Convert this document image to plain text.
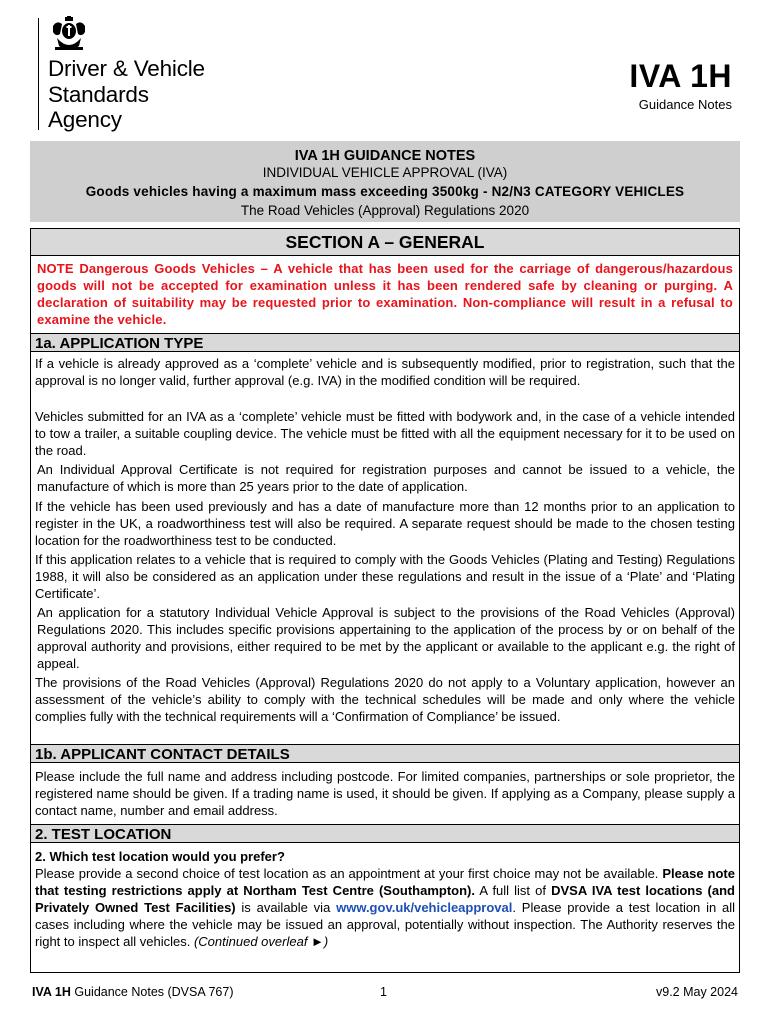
Driver & Vehicle
Standards
Agency
IVA 1H
Guidance Notes
IVA 1H GUIDANCE NOTES
INDIVIDUAL VEHICLE APPROVAL (IVA)
Goods vehicles having a maximum mass exceeding 3500kg - N2/N3 CATEGORY VEHICLES
The Road Vehicles (Approval) Regulations 2020
SECTION A – GENERAL
NOTE Dangerous Goods Vehicles – A vehicle that has been used for the carriage of dangerous/hazardous goods will not be accepted for examination unless it has been rendered safe by cleaning or purging. A declaration of suitability may be requested prior to examination. Non-compliance will result in a refusal to examine the vehicle.
1a. APPLICATION TYPE
If a vehicle is already approved as a ‘complete’ vehicle and is subsequently modified, prior to registration, such that the approval is no longer valid, further approval (e.g. IVA) in the modified condition will be required.
Vehicles submitted for an IVA as a ‘complete’ vehicle must be fitted with bodywork and, in the case of a vehicle intended to tow a trailer, a suitable coupling device. The vehicle must be fitted with all the equipment necessary for it to be used on the road.
An Individual Approval Certificate is not required for registration purposes and cannot be issued to a vehicle, the manufacture of which is more than 25 years prior to the date of application.
If the vehicle has been used previously and has a date of manufacture more than 12 months prior to an application to register in the UK, a roadworthiness test will also be required. A separate request should be made to the chosen testing location for the roadworthiness test to be conducted.
If this application relates to a vehicle that is required to comply with the Goods Vehicles (Plating and Testing) Regulations 1988, it will also be considered as an application under these regulations and result in the issue of a ‘Plate’ and ‘Plating Certificate’.
An application for a statutory Individual Vehicle Approval is subject to the provisions of the Road Vehicles (Approval) Regulations 2020. This includes specific provisions appertaining to the application of the process by or on behalf of the approval authority and provisions, either required to be met by the applicant or available to the applicant e.g. the right of appeal.
The provisions of the Road Vehicles (Approval) Regulations 2020 do not apply to a Voluntary application, however an assessment of the vehicle’s ability to comply with the technical schedules will be made and only where the vehicle complies fully with the technical requirements will a ‘Confirmation of Compliance’ be issued.
1b. APPLICANT CONTACT DETAILS
Please include the full name and address including postcode. For limited companies, partnerships or sole proprietor, the registered name should be given. If a trading name is used, it should be given. If applying as a Company, please supply a contact name, number and email address.
2. TEST LOCATION
2. Which test location would you prefer?
Please provide a second choice of test location as an appointment at your first choice may not be available. Please note that testing restrictions apply at Northam Test Centre (Southampton). A full list of DVSA IVA test locations (and Privately Owned Test Facilities) is available via www.gov.uk/vehicleapproval. Please provide a test location in all cases including where the vehicle may be issued an approval, potentially without inspection. The Authority reserves the right to inspect all vehicles. (Continued overleaf ►)
IVA 1H Guidance Notes (DVSA 767)	1	v9.2 May 2024
